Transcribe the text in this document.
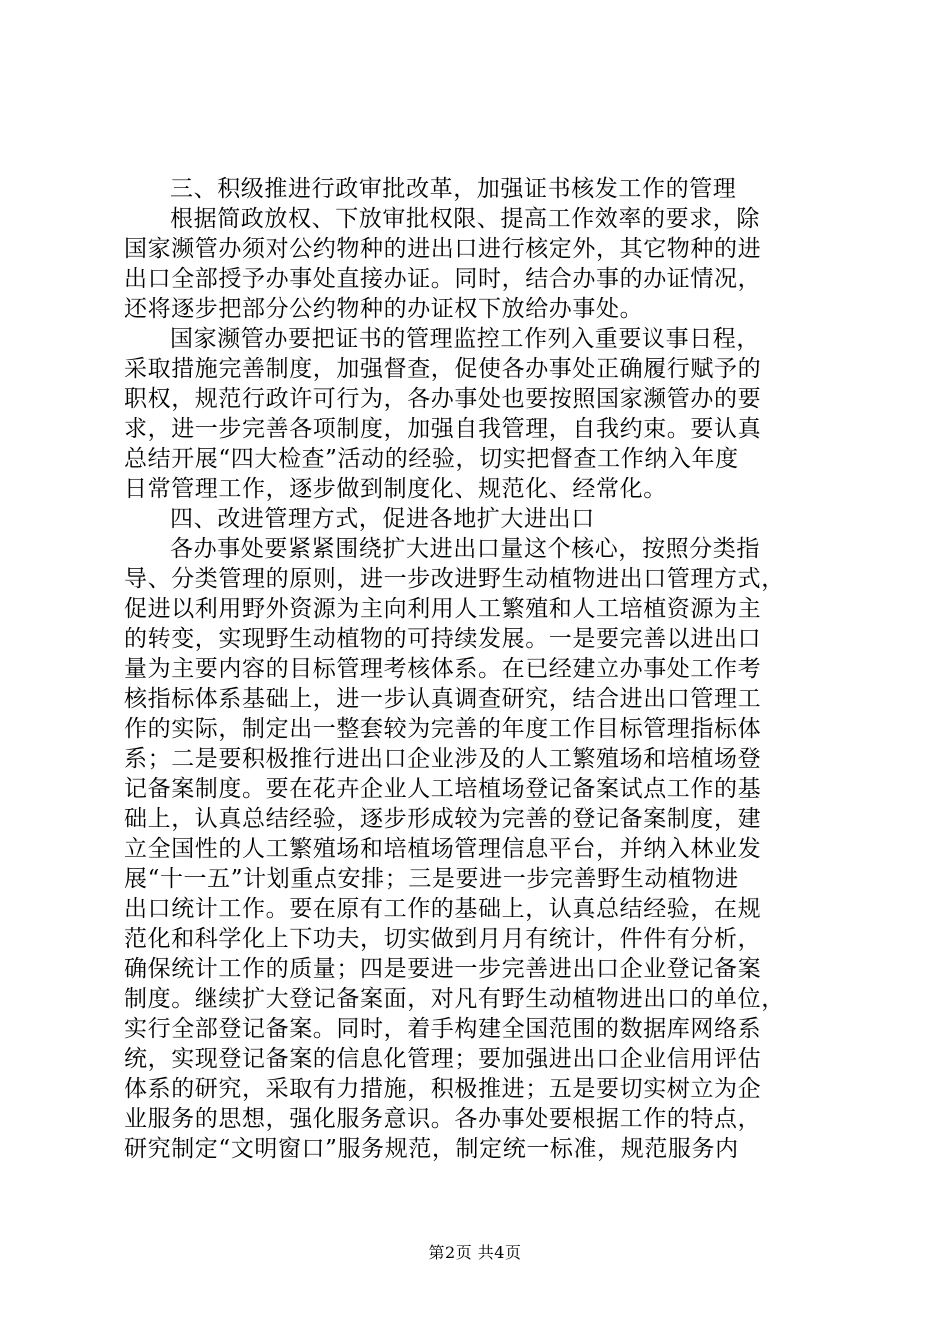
三、积级推进行政审批改革，加强证书核发工作的管理
根据简政放权、下放审批权限、提高工作效率的要求，除
国家濒管办须对公约物种的进出口进行核定外，其它物种的进
出口全部授予办事处直接办证。同时，结合办事的办证情况，
还将逐步把部分公约物种的办证权下放给办事处。
国家濒管办要把证书的管理监控工作列入重要议事日程，
采取措施完善制度，加强督查，促使各办事处正确履行赋予的
职权，规范行政许可行为，各办事处也要按照国家濒管办的要
求，进一步完善各项制度，加强自我管理，自我约束。要认真
总结开展“四大检查”活动的经验，切实把督查工作纳入年度
日常管理工作，逐步做到制度化、规范化、经常化。
四、改进管理方式，促进各地扩大进出口
各办事处要紧紧围绕扩大进出口量这个核心，按照分类指
导、分类管理的原则，进一步改进野生动植物进出口管理方式，
促进以利用野外资源为主向利用人工繁殖和人工培植资源为主
的转变，实现野生动植物的可持续发展。一是要完善以进出口
量为主要内容的目标管理考核体系。在已经建立办事处工作考
核指标体系基础上，进一步认真调查研究，结合进出口管理工
作的实际，制定出一整套较为完善的年度工作目标管理指标体
系；二是要积极推行进出口企业涉及的人工繁殖场和培植场登
记备案制度。要在花卉企业人工培植场登记备案试点工作的基
础上，认真总结经验，逐步形成较为完善的登记备案制度，建
立全国性的人工繁殖场和培植场管理信息平台，并纳入林业发
展“十一五”计划重点安排；三是要进一步完善野生动植物进
出口统计工作。要在原有工作的基础上，认真总结经验，在规
范化和科学化上下功夫，切实做到月月有统计，件件有分析，
确保统计工作的质量；四是要进一步完善进出口企业登记备案
制度。继续扩大登记备案面，对凡有野生动植物进出口的单位，
实行全部登记备案。同时，着手构建全国范围的数据库网络系
统，实现登记备案的信息化管理；要加强进出口企业信用评估
体系的研究，采取有力措施，积极推进；五是要切实树立为企
业服务的思想，强化服务意识。各办事处要根据工作的特点，
研究制定“文明窗口”服务规范，制定统一标准，规范服务内
第2页 共4页
